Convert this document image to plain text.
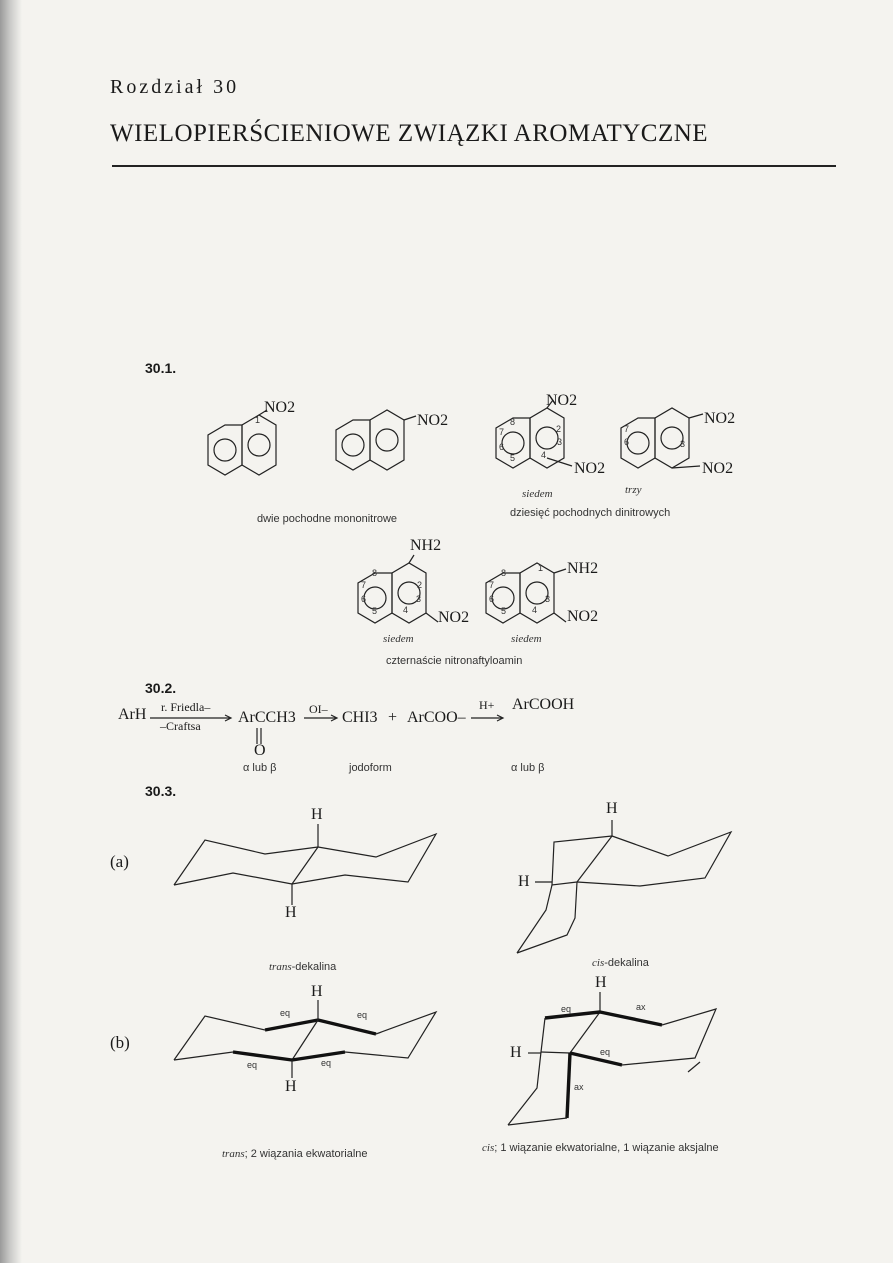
Rozdział 30
WIELOPIERŚCIENIOWE ZWIĄZKI AROMATYCZNE
30.1.
NO2
NO2
NO2
NO2
NO2
NO2
NH2
NO2
NH2
NO2
1	8
2
3
4
5
6
7	7
6	3
8
7
6
5	4
3
2
8
7
6
5	4
3
1
siedem	trzy
dwie pochodne mononitrowe	dziesięć pochodnych dinitrowych
siedem	siedem
czternaście nitronaftyloamin
30.2.
ArH r. Friedla–
–Craftsa ArCCH3
O
OI– CHI3 + ArCOO–
H+ ArCOOH
α lub β	jodoform	α lub β
30.3.
(a)
(b)
H
H
H
H
trans-dekalina	cis-dekalina
H
H
eq	eq
eq	eq
H
H
eq	ax
eq
ax
trans; 2 wiązania ekwatorialne	cis; 1 wiązanie ekwatorialne, 1 wiązanie aksjalne
